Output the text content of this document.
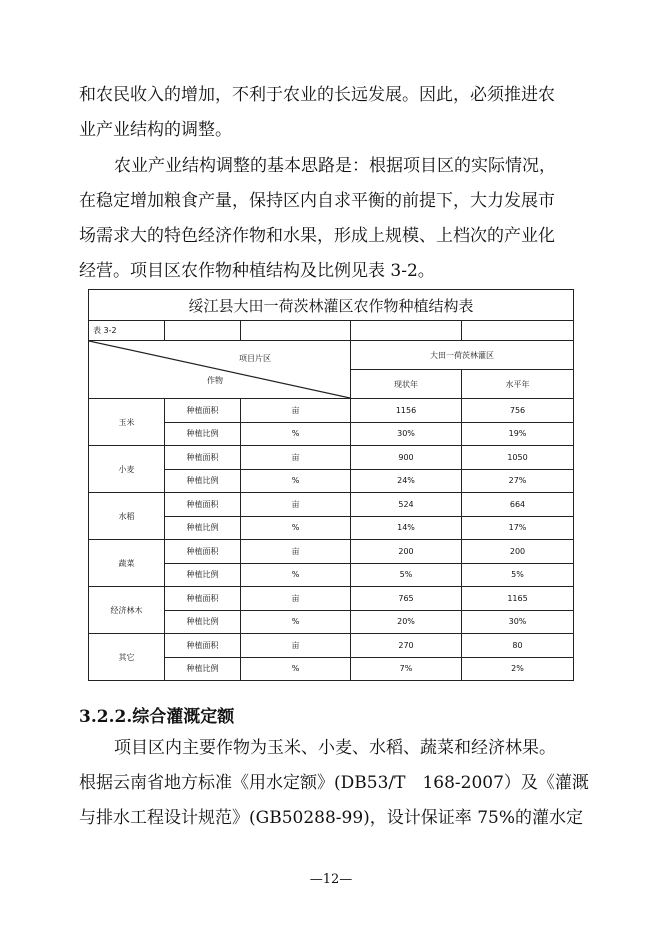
和农民收入的增加，不利于农业的长远发展。因此，必须推进农
业产业结构的调整。

农业产业结构调整的基本思路是：根据项目区的实际情况，
在稳定增加粮食产量，保持区内自求平衡的前提下，大力发展市
场需求大的特色经济作物和水果，形成上规模、上档次的产业化
经营。项目区农作物种植结构及比例见表 3-2。

绥江县大田一荷茨林灌区农作物种植结构表				
表 3-2				

项目片区
作物			大田一荷茨林灌区	
			现状年	水平年
玉米	种植面积	亩	1156	756
	种植比例	%	30%	19%
小麦	种植面积	亩	900	1050
	种植比例	%	24%	27%
水稻	种植面积	亩	524	664
	种植比例	%	14%	17%
蔬菜	种植面积	亩	200	200
	种植比例	%	5%	5%
经济林木	种植面积	亩	765	1165
	种植比例	%	20%	30%
其它	种植面积	亩	270	80
	种植比例	%	7%	2%

3.2.2.综合灌溉定额

项目区内主要作物为玉米、小麦、水稻、蔬菜和经济林果。
根据云南省地方标准《用水定额》(DB53/T　168-2007）及《灌溉
与排水工程设计规范》(GB50288-99)，设计保证率 75%的灌水定

—12—
